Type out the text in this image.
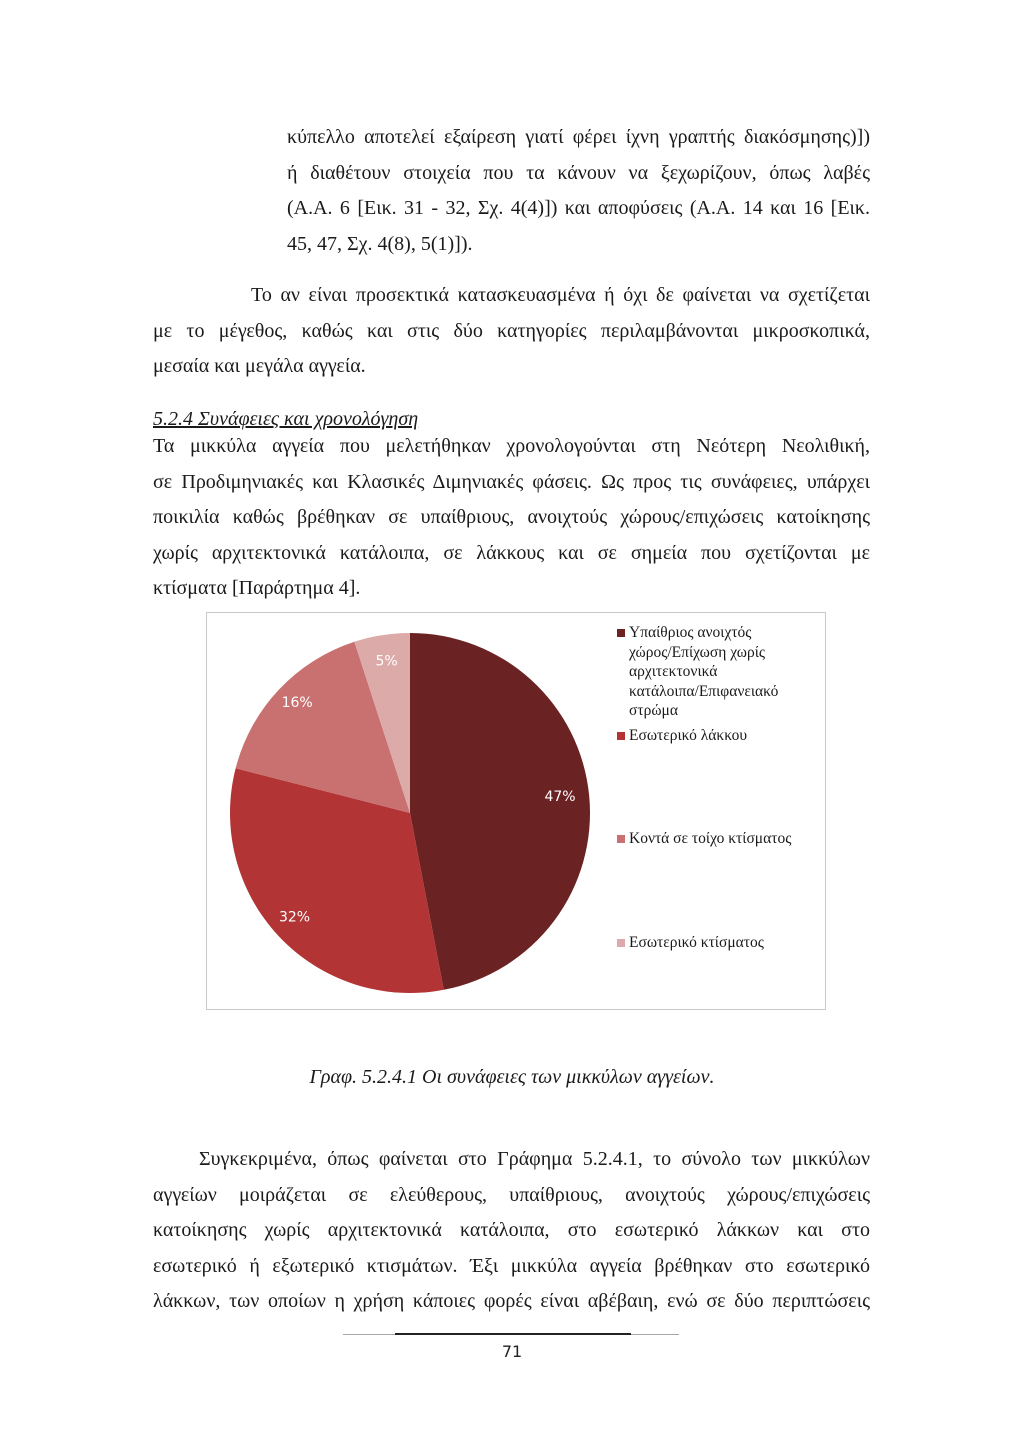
κύπελλο αποτελεί εξαίρεση γιατί φέρει ίχνη γραπτής διακόσμησης)])
ή διαθέτουν στοιχεία που τα κάνουν να ξεχωρίζουν, όπως λαβές
(Α.Α. 6 [Εικ. 31 - 32, Σχ. 4(4)]) και αποφύσεις (Α.Α. 14 και 16 [Εικ.
45, 47, Σχ. 4(8), 5(1)]).
Το αν είναι προσεκτικά κατασκευασμένα ή όχι δε φαίνεται να σχετίζεται
με το μέγεθος, καθώς και στις δύο κατηγορίες περιλαμβάνονται μικροσκοπικά,
μεσαία και μεγάλα αγγεία.
5.2.4 Συνάφειες και χρονολόγηση
Τα μικκύλα αγγεία που μελετήθηκαν χρονολογούνται στη Νεότερη Νεολιθική,
σε Προδιμηνιακές και Κλασικές Διμηνιακές φάσεις. Ως προς τις συνάφειες, υπάρχει
ποικιλία καθώς βρέθηκαν σε υπαίθριους, ανοιχτούς χώρους/επιχώσεις κατοίκησης
χωρίς αρχιτεκτονικά κατάλοιπα, σε λάκκους και σε σημεία που σχετίζονται με
κτίσματα [Παράρτημα 4].
47%
32%
16%
5%
Υπαίθριος ανοιχτός
χώρος/Επίχωση χωρίς
αρχιτεκτονικά
κατάλοιπα/Επιφανειακό
στρώμα
Εσωτερικό λάκκου
Κοντά σε τοίχο κτίσματος
Εσωτερικό κτίσματος
Γραφ. 5.2.4.1 Οι συνάφειες των μικκύλων αγγείων.
Συγκεκριμένα, όπως φαίνεται στο Γράφημα 5.2.4.1, το σύνολο των μικκύλων
αγγείων μοιράζεται σε ελεύθερους, υπαίθριους, ανοιχτούς χώρους/επιχώσεις
κατοίκησης χωρίς αρχιτεκτονικά κατάλοιπα, στο εσωτερικό λάκκων και στο
εσωτερικό ή εξωτερικό κτισμάτων. Έξι μικκύλα αγγεία βρέθηκαν στο εσωτερικό
λάκκων, των οποίων η χρήση κάποιες φορές είναι αβέβαιη, ενώ σε δύο περιπτώσεις
71
